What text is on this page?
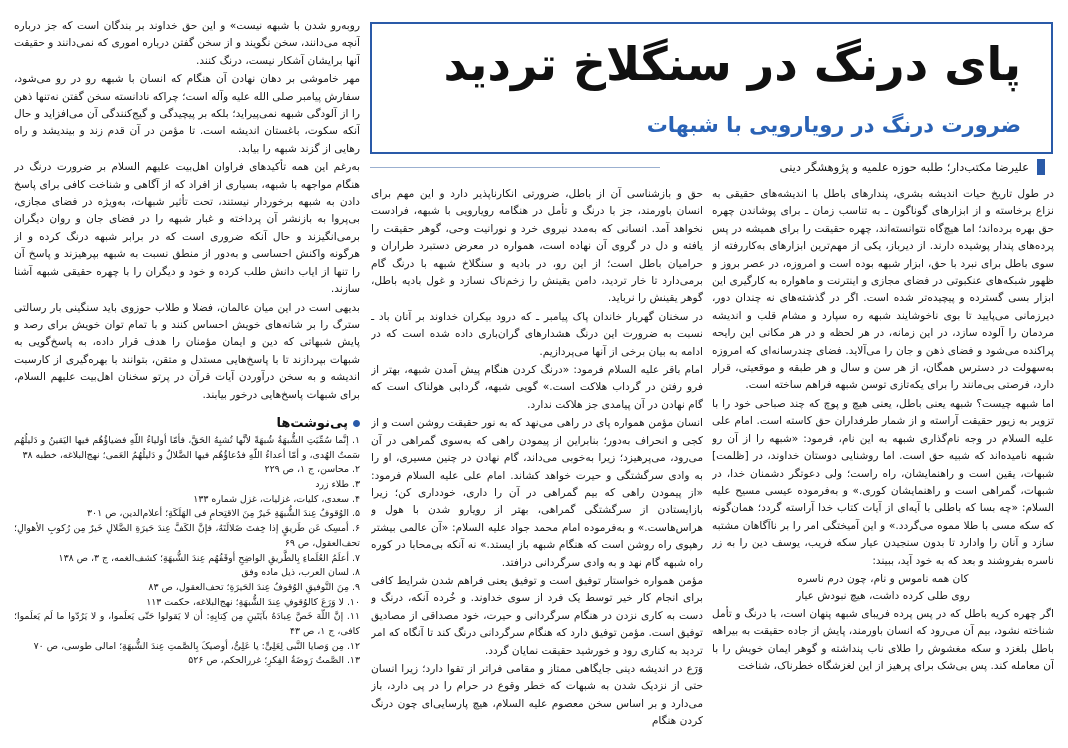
پای درنگ در سنگلاخ تردید
ضرورت درنگ در رویارویی با شبهات
علیرضا مکتب‌دار؛ طلبه حوزه علمیه و پژوهشگر دینی

در طول تاریخ حیات اندیشه بشری، پندارهای باطل با اندیشه‌های حقیقی به نزاع برخاسته و از ابزارهای گوناگون ـ به تناسب زمان ـ برای پوشاندن چهره حق بهره برده‌اند؛ اما هیچ‌گاه نتوانسته‌اند، چهره حقیقت را برای همیشه در پس پرده‌های پندار پوشیده دارند. از دیرباز، یکی از مهم‌ترین ابزارهای به‌کاررفته از سوی باطل برای نبرد با حق، ابزار شبهه بوده است و امروزه، در عصر بروز و ظهور شبکه‌های عنکبوتی در فضای مجازی و اینترنت و ماهواره به کارگیری این ابزار بسی گسترده و پیچیده‌تر شده است. اگر در گذشته‌های نه چندان دور، دیرزمانی می‌پایید تا بوی ناخوشایند شبهه ره سپارد و مشام قلب و اندیشه مردمان را آلوده سازد، در این زمانه، در هر لحظه و در هر مکانی این رایحه پراکنده می‌شود و فضای ذهن و جان را می‌آلاید. فضای چندرسانه‌ای که امروزه به‌سهولت در دسترس همگان، از هر سن و سال و هر طبقه و موقعیتی، قرار دارد، فرصتی بی‌مانند را برای یکه‌تازی توسن شبهه فراهم ساخته است.

اما شبهه چیست؟ شبهه یعنی باطل، یعنی هیچ و پوچ که چند صباحی خود را با تزویر به زیور حقیقت آراسته و از شمار طرفداران حق کاسته است. امام علی علیه السلام در وجه نام‌گذاری شبهه به این نام، فرمود: «شبهه را از آن رو شبهه نامیده‌اند که شبیه حق است. اما روشنایی دوستان خداوند، در [ظلمت] شبهات، یقین است و راهنمایشان، راه راست؛ ولی دعوتگر دشمنان خدا، در شبهات، گمراهی است و راهنمایشان کوری.» و به‌فرموده عیسی مسیح علیه السلام: «چه بسا که باطلی با آیه‌ای از آیات کتاب خدا آراسته گردد؛ همان‌گونه که سکه مسی با طلا مموه می‌گردد.» و این آمیختگی امر را بر ناآگاهان مشتبه سازد و آنان را وادارد تا بدون سنجیدن عیار سکه فریب، یوسف دین را به زر ناسره بفروشند و بعد که به خود آید، ببیند:

کان همه ناموس و نام، چون درم ناسره

روی طلی کرده داشت، هیچ نبودش عیار

اگر چهره کریه باطل که در پس پرده فریبای شبهه پنهان است، با درنگ و تأمل شناخته نشود، بیم آن می‌رود که انسان باورمند، پایش از جاده حقیقت به بیراهه باطل بلغزد و سکه مغشوش را طلای ناب پنداشته و گوهر ایمان خویش را با آن معامله کند. پس بی‌شک برای پرهیز از این لغزشگاه خطرناک، شناخت

حق و بازشناسی آن از باطل، ضرورتی انکارناپذیر دارد و این مهم برای انسان باورمند، جز با درنگ و تأمل در هنگامه رویارویی با شبهه، فرادست نخواهد آمد. انسانی که به‌مدد نیروی خرد و نورانیت وحی، گوهر حقیقت را یافته و دل در گروی آن نهاده است، همواره در معرض دستبرد طراران و حرامیان باطل است؛ از این رو، در بادیه و سنگلاخ شبهه با درنگ گام برمی‌دارد تا خار تردید، دامن یقینش را زخم‌ناک نسازد و غول بادیه باطل، گوهر یقینش را نرباید.

در سخنان گهربار خاندان پاک پیامبر ـ که درود بیکران خداوند بر آنان باد ـ نسبت به ضرورت این درنگ هشدارهای گران‌باری داده شده است که در ادامه به بیان برخی از آنها می‌پردازیم.

امام باقر علیه السلام فرمود: «درنگ کردن هنگام پیش آمدن شبهه، بهتر از فرو رفتن در گرداب هلاکت است.» گویی شبهه، گردابی هولناک است که گام نهادن در آن پیامدی جز هلاکت ندارد.

انسان مؤمن همواره پای در راهی می‌نهد که به نور حقیقت روشن است و از کجی و انحراف به‌دور؛ بنابراین از پیمودن راهی که به‌سوی گمراهی در آن می‌رود، می‌پرهیزد؛ زیرا به‌خوبی می‌داند، گام نهادن در چنین مسیری، او را به وادی سرگشتگی و حیرت خواهد کشاند. امام علی علیه السلام فرمود: «از پیمودن راهی که بیم گمراهی در آن را داری، خودداری کن؛ زیرا بازایستادن از سرگشتگی گمراهی، بهتر از رویارو شدن با هول و هراس‌هاست.» و به‌فرموده امام محمد جواد علیه السلام: «آن عالمی بیشتر رهپوی راه روشن است که هنگام شبهه باز ایستد.» نه آنکه بی‌محابا در کوره راه شبهه گام نهد و به وادی سرگردانی درافتد.

مؤمن همواره خواستار توفیق است و توفیق یعنی فراهم شدن شرایط کافی برای انجام کار خیر توسط یک فرد از سوی خداوند. و خُرده آنکه، درنگ و دست به کاری نزدن در هنگام سرگردانی و حیرت، خود مصداقی از مصادیق توفیق است. مؤمن توفیق دارد که هنگام سرگردانی درنگ کند تا آنگاه که امر تردید به کناری رود و خورشید حقیقت نمایان گردد.

وَرَع در اندیشه دینی جایگاهی ممتاز و مقامی فراتر از تقوا دارد؛ زیرا انسان حتی از نزدیک شدن به شبهات که خطر وقوع در حرام را در پی دارد، باز می‌دارد و بر اساس سخن معصوم علیه السلام، هیچ پارسایی‌ای چون درنگ کردن هنگام

روبه‌رو شدن با شبهه نیست» و این حق خداوند بر بندگان است که جز درباره آنچه می‌دانند، سخن نگویند و از سخن گفتن درباره اموری که نمی‌دانند و حقیقت آنها برایشان آشکار نیست، درنگ کنند.

مهر خاموشی بر دهان نهادن آن هنگام که انسان با شبهه رو در رو می‌شود، سفارش پیامبر صلی الله علیه وآله است؛ چراکه نادانسته سخن گفتن نه‌تنها ذهن را از آلودگی شبهه نمی‌پیراید؛ بلکه بر پیچیدگی و گیج‌کنندگی آن می‌افزاید و حال آنکه سکوت، باغستان اندیشه است. تا مؤمن در آن قدم زند و بیندیشد و راه رهایی از گزند شبهه را بیابد.

به‌رغم این همه تأکیدهای فراوان اهل‌بیت علیهم السلام بر ضرورت درنگ در هنگام مواجهه با شبهه، بسیاری از افراد که از آگاهی و شناخت کافی برای پاسخ دادن به شبهه برخوردار نیستند، تحت تأثیر شبهات، به‌ویژه در فضای مجازی، بی‌پروا به بازنشر آن پرداخته و غبار شبهه را در فضای جان و روان دیگران برمی‌انگیزند و حال آنکه ضروری است که در برابر شبهه درنگ کرده و از هرگونه واکنش احساسی و به‌دور از منطق نسبت به شبهه بپرهیزند و پاسخ آن را تنها از ایاب دانش طلب کرده و خود و دیگران را با چهره حقیقی شبهه آشنا سازند.

بدیهی است در این میان عالمان، فضلا و طلاب حوزوی باید سنگینی بار رسالتی سترگ را بر شانه‌های خویش احساس کنند و با تمام توان خویش برای رصد و پایش شبهاتی که دین و ایمان مؤمنان را هدف قرار داده، به پاسخ‌گویی به شبهات بپردازند تا با پاسخ‌هایی مستدل و متقن، بتوانند با بهره‌گیری از کارسبت اندیشه و به سخن درآوردن آیات قرآن در پرتو سخنان اهل‌بیت علیهم السلام، برای شبهات پاسخ‌هایی درخور بیابند.

پی‌نوشت‌ها

۱. إنَّما سُمِّیَتِ الشُّبهَةُ شُبهَةً لأنَّها تُشبِهُ الحَقَّ، فأمّا أولیاءُ اللّهِ فضیاؤُهُم فیها الیَقینُ و دَلیلُهُم سَمتُ الهُدی، و أمّا أعداءُ اللّهِ فدُعاؤُهُم فیها الضَّلالُ و دَلیلُهُمُ العَمی؛ نهج‌البلاغه، خطبه ۳۸

۲. محاسن، ج ۱، ص ۲۲۹

۳. طلاء زرد

۴. سعدی، کلیات، غزلیات، غزل شماره ۱۳۳

۵. الوُقوفُ عِندَ الشُّبهَةِ خَیرٌ مِنَ الاقتِحامِ فی الهَلَکَةِ؛ أعلام‌الدین، ص ۳۰۱

۶. أمسِک عَن طَریقٍ إذا خِفتَ ضَلالَتَهُ، فإنَّ الکَفَّ عِندَ حَیرَةِ الضَّلالِ خَیرٌ مِن رُکوبِ الأهوالِ؛ تحف‌العقول، ص ۶۹

۷. أعلَمُ العُلَماءِ بِالطَّریقِ الواضِحِ أوقَفُهُم عِندَ الشُّبهَةِ؛ کشف‌الغمه، ج ۳، ص ۱۳۸

۸. لسان العرب، ذیل ماده وفق

۹. مِنَ التَّوفیقِ الوُقوفُ عِندَ الحَیرَةِ؛ تحف‌العقول، ص ۸۳

۱۰. لا وَرَعَ کالوُقوفِ عِندَ الشُّبهَةِ؛ نهج‌البلاغه، حکمت ۱۱۳

۱۱. إنَّ اللّهَ خَصَّ عِبادَهُ بآیَتَینِ مِن کِتابِهِ: أن لا یَقولوا حَتّی یَعلَموا، و لا یَرُدّوا ما لَم یَعلَموا؛ کافی، ج ۱، ص ۴۳

۱۲. مِن وَصایا النَّبی لِعَلِیٍّ: یا عَلِیُّ، أوصیکَ بِالصَّمتِ عِندَ الشُّبهَةِ؛ امالی طوسی، ص ۷۰

۱۳. الصَّمتُ رَوضَةُ الفِکرِ؛ غررالحکم، ص ۵۲۶
